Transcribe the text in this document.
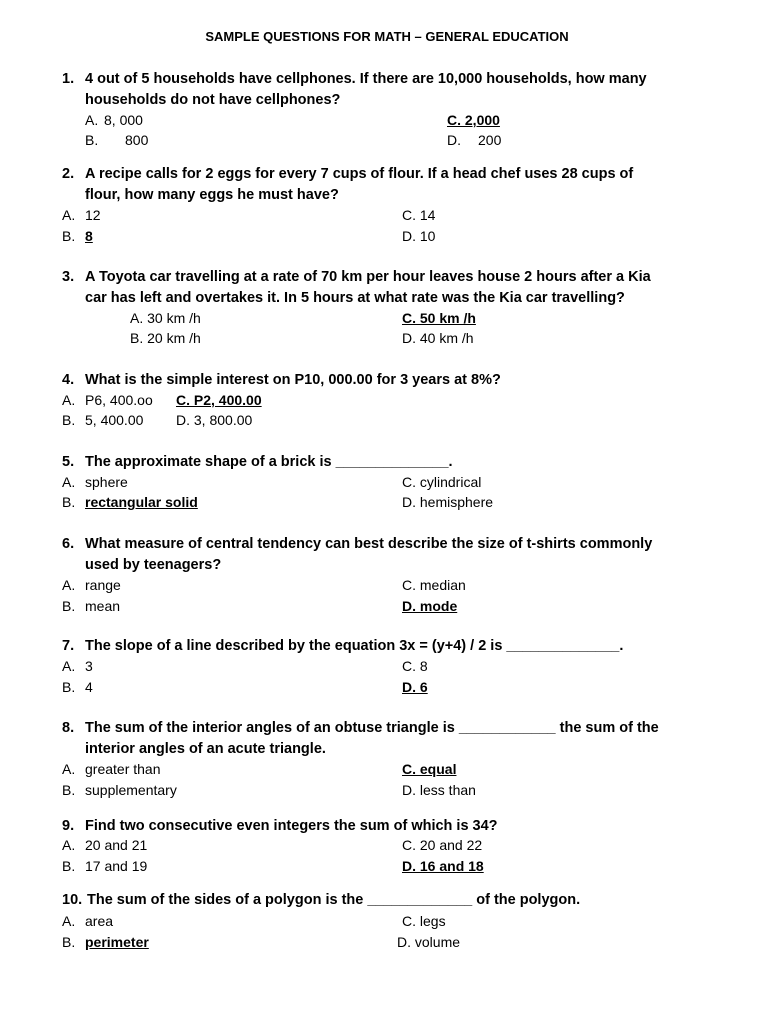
SAMPLE QUESTIONS FOR MATH – GENERAL EDUCATION
1. 4 out of 5 households have cellphones. If there are 10,000 households, how many
households do not have cellphones?
A. 8, 000	C. 2,000
B. 800	D. 200
2. A recipe calls for 2 eggs for every 7 cups of flour. If a head chef uses 28 cups of
flour, how many eggs he must have?
A. 12	C. 14
B. 8	D. 10
3. A Toyota car travelling at a rate of 70 km per hour leaves house 2 hours after a Kia
car has left and overtakes it. In 5 hours at what rate was the Kia car travelling?
A. 30 km /h	C. 50 km /h
B. 20 km /h	D. 40 km /h
4. What is the simple interest on P10, 000.00 for 3 years at 8%?
A. P6, 400.oo C. P2, 400.00
B. 5, 400.00 D. 3, 800.00
5. The approximate shape of a brick is ______________.
A. sphere	C. cylindrical
B. rectangular solid	D. hemisphere
6. What measure of central tendency can best describe the size of t-shirts commonly
used by teenagers?
A. range	C. median
B. mean	D. mode
7. The slope of a line described by the equation 3x = (y+4) / 2 is ______________.
A. 3	C. 8
B. 4	D. 6
8. The sum of the interior angles of an obtuse triangle is ____________ the sum of the
interior angles of an acute triangle.
A. greater than	C. equal
B. supplementary	D. less than
9. Find two consecutive even integers the sum of which is 34?
A. 20 and 21	C. 20 and 22
B. 17 and 19	D. 16 and 18
10. The sum of the sides of a polygon is the _____________ of the polygon.
A. area	C. legs
B. perimeter	D. volume
